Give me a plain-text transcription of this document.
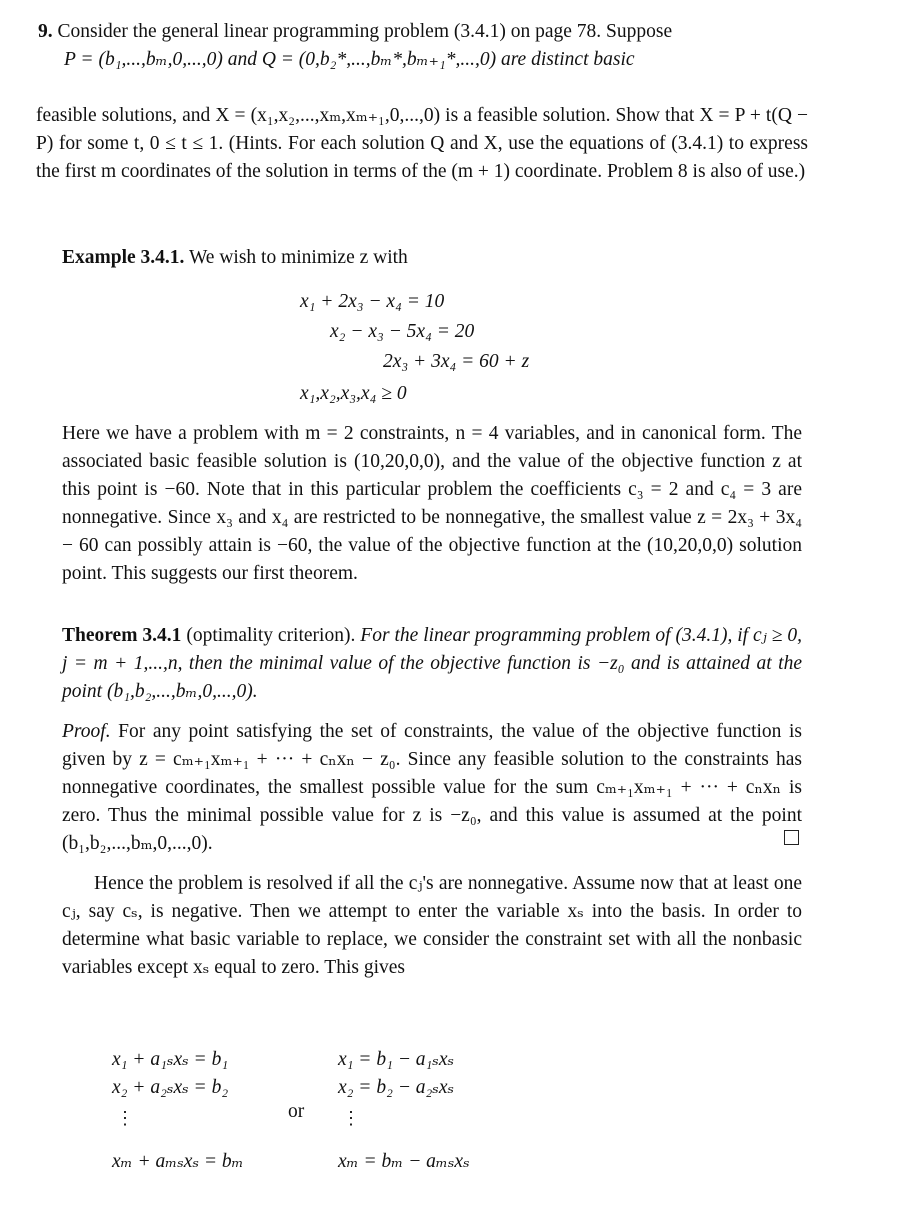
9. Consider the general linear programming problem (3.4.1) on page 78. Suppose
P = (b₁,...,bₘ,0,...,0) and Q = (0,b₂*,...,bₘ*,bₘ₊₁*,...,0) are distinct basic

feasible solutions, and X = (x₁,x₂,...,xₘ,xₘ₊₁,0,...,0) is a feasible solution. Show that X = P + t(Q − P) for some t, 0 ≤ t ≤ 1. (Hints. For each solution Q and X, use the equations of (3.4.1) to express the first m coordinates of the solution in terms of the (m + 1) coordinate. Problem 8 is also of use.)

Example 3.4.1. We wish to minimize z with
x₁ + 2x₃ − x₄ = 10
x₂ − x₃ − 5x₄ = 20
2x₃ + 3x₄ = 60 + z
x₁,x₂,x₃,x₄ ≥ 0

Here we have a problem with m = 2 constraints, n = 4 variables, and in canonical form. The associated basic feasible solution is (10,20,0,0), and the value of the objective function z at this point is −60. Note that in this particular problem the coefficients c₃ = 2 and c₄ = 3 are nonnegative. Since x₃ and x₄ are restricted to be nonnegative, the smallest value z = 2x₃ + 3x₄ − 60 can possibly attain is −60, the value of the objective function at the (10,20,0,0) solution point. This suggests our first theorem.

Theorem 3.4.1 (optimality criterion). For the linear programming problem of (3.4.1), if cⱼ ≥ 0, j = m + 1,...,n, then the minimal value of the objective function is −z₀ and is attained at the point (b₁,b₂,...,bₘ,0,...,0).

Proof. For any point satisfying the set of constraints, the value of the objective function is given by z = cₘ₊₁xₘ₊₁ + ··· + cₙxₙ − z₀. Since any feasible solution to the constraints has nonnegative coordinates, the smallest possible value for the sum cₘ₊₁xₘ₊₁ + ··· + cₙxₙ is zero. Thus the minimal possible value for z is −z₀, and this value is assumed at the point (b₁,b₂,...,bₘ,0,...,0).

Hence the problem is resolved if all the cⱼ's are nonnegative. Assume now that at least one cⱼ, say cₛ, is negative. Then we attempt to enter the variable xₛ into the basis. In order to determine what basic variable to replace, we consider the constraint set with all the nonbasic variables except xₛ equal to zero. This gives

x₁ + a₁ₛxₛ = b₁
x₂ + a₂ₛxₛ = b₂
⋮
xₘ + aₘₛxₛ = bₘ
or
x₁ = b₁ − a₁ₛxₛ
x₂ = b₂ − a₂ₛxₛ
⋮
xₘ = bₘ − aₘₛxₛ
